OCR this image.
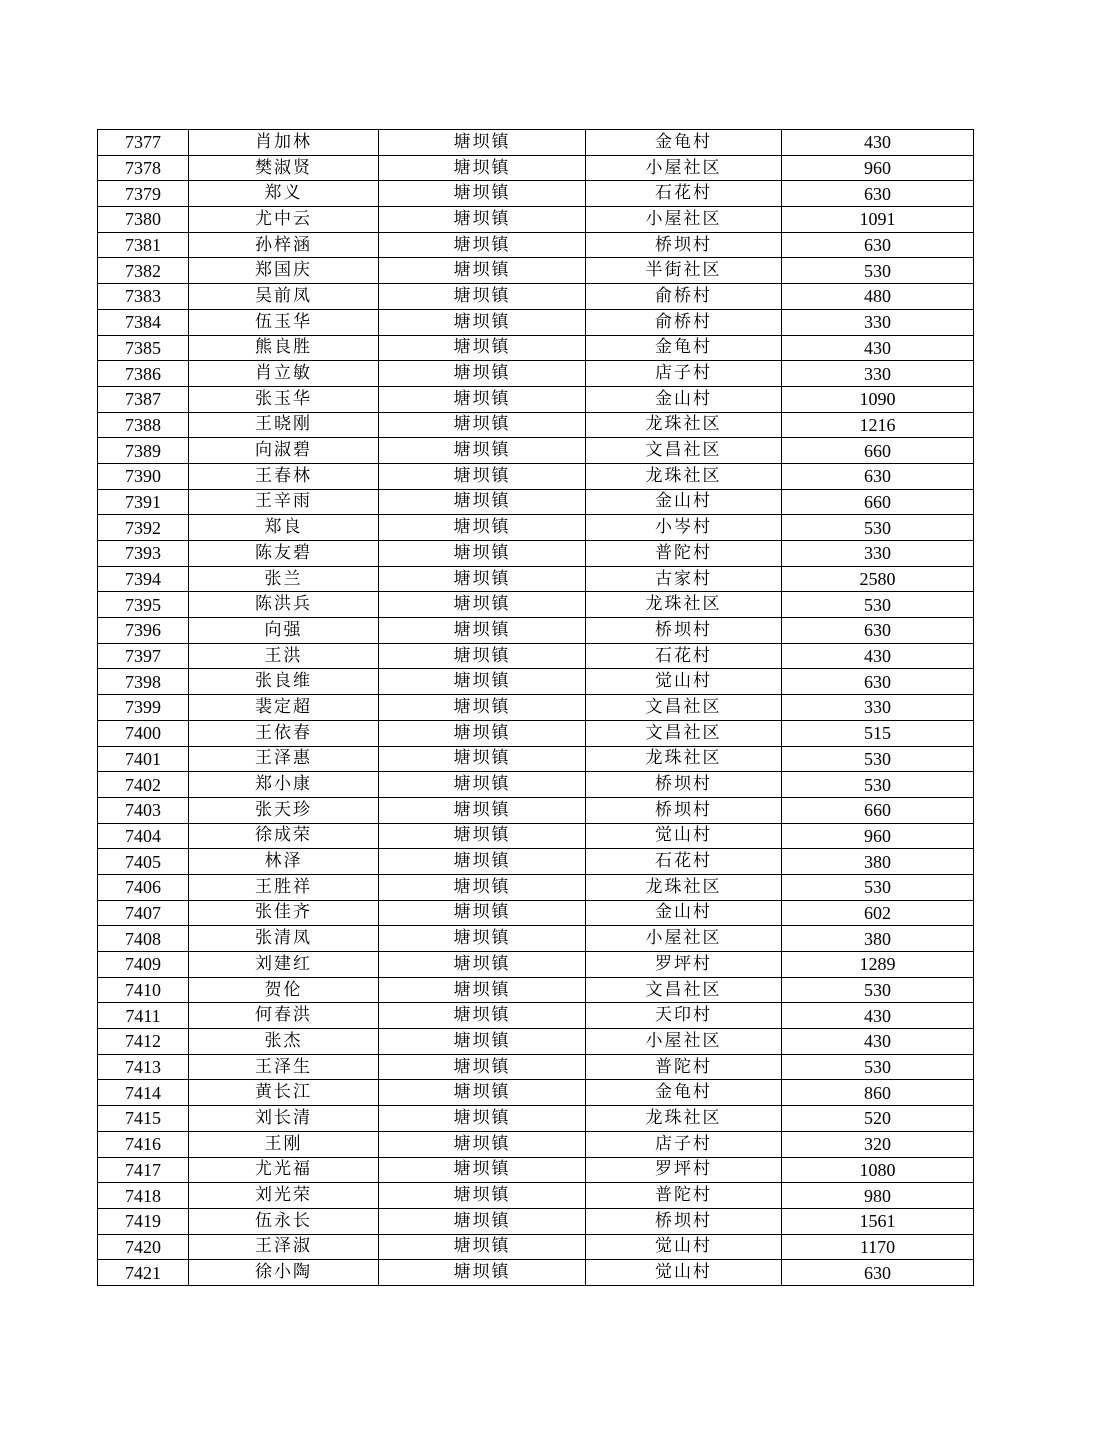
7377	肖加林	塘坝镇	金龟村	430
7378	樊淑贤	塘坝镇	小屋社区	960
7379	郑义	塘坝镇	石花村	630
7380	尤中云	塘坝镇	小屋社区	1091
7381	孙梓涵	塘坝镇	桥坝村	630
7382	郑国庆	塘坝镇	半街社区	530
7383	吴前凤	塘坝镇	俞桥村	480
7384	伍玉华	塘坝镇	俞桥村	330
7385	熊良胜	塘坝镇	金龟村	430
7386	肖立敏	塘坝镇	店子村	330
7387	张玉华	塘坝镇	金山村	1090
7388	王晓刚	塘坝镇	龙珠社区	1216
7389	向淑碧	塘坝镇	文昌社区	660
7390	王春林	塘坝镇	龙珠社区	630
7391	王辛雨	塘坝镇	金山村	660
7392	郑良	塘坝镇	小岑村	530
7393	陈友碧	塘坝镇	普陀村	330
7394	张兰	塘坝镇	古家村	2580
7395	陈洪兵	塘坝镇	龙珠社区	530
7396	向强	塘坝镇	桥坝村	630
7397	王洪	塘坝镇	石花村	430
7398	张良维	塘坝镇	觉山村	630
7399	裴定超	塘坝镇	文昌社区	330
7400	王依春	塘坝镇	文昌社区	515
7401	王泽惠	塘坝镇	龙珠社区	530
7402	郑小康	塘坝镇	桥坝村	530
7403	张天珍	塘坝镇	桥坝村	660
7404	徐成荣	塘坝镇	觉山村	960
7405	林泽	塘坝镇	石花村	380
7406	王胜祥	塘坝镇	龙珠社区	530
7407	张佳齐	塘坝镇	金山村	602
7408	张清凤	塘坝镇	小屋社区	380
7409	刘建红	塘坝镇	罗坪村	1289
7410	贺伦	塘坝镇	文昌社区	530
7411	何春洪	塘坝镇	天印村	430
7412	张杰	塘坝镇	小屋社区	430
7413	王泽生	塘坝镇	普陀村	530
7414	黄长江	塘坝镇	金龟村	860
7415	刘长清	塘坝镇	龙珠社区	520
7416	王刚	塘坝镇	店子村	320
7417	尤光福	塘坝镇	罗坪村	1080
7418	刘光荣	塘坝镇	普陀村	980
7419	伍永长	塘坝镇	桥坝村	1561
7420	王泽淑	塘坝镇	觉山村	1170
7421	徐小陶	塘坝镇	觉山村	630
